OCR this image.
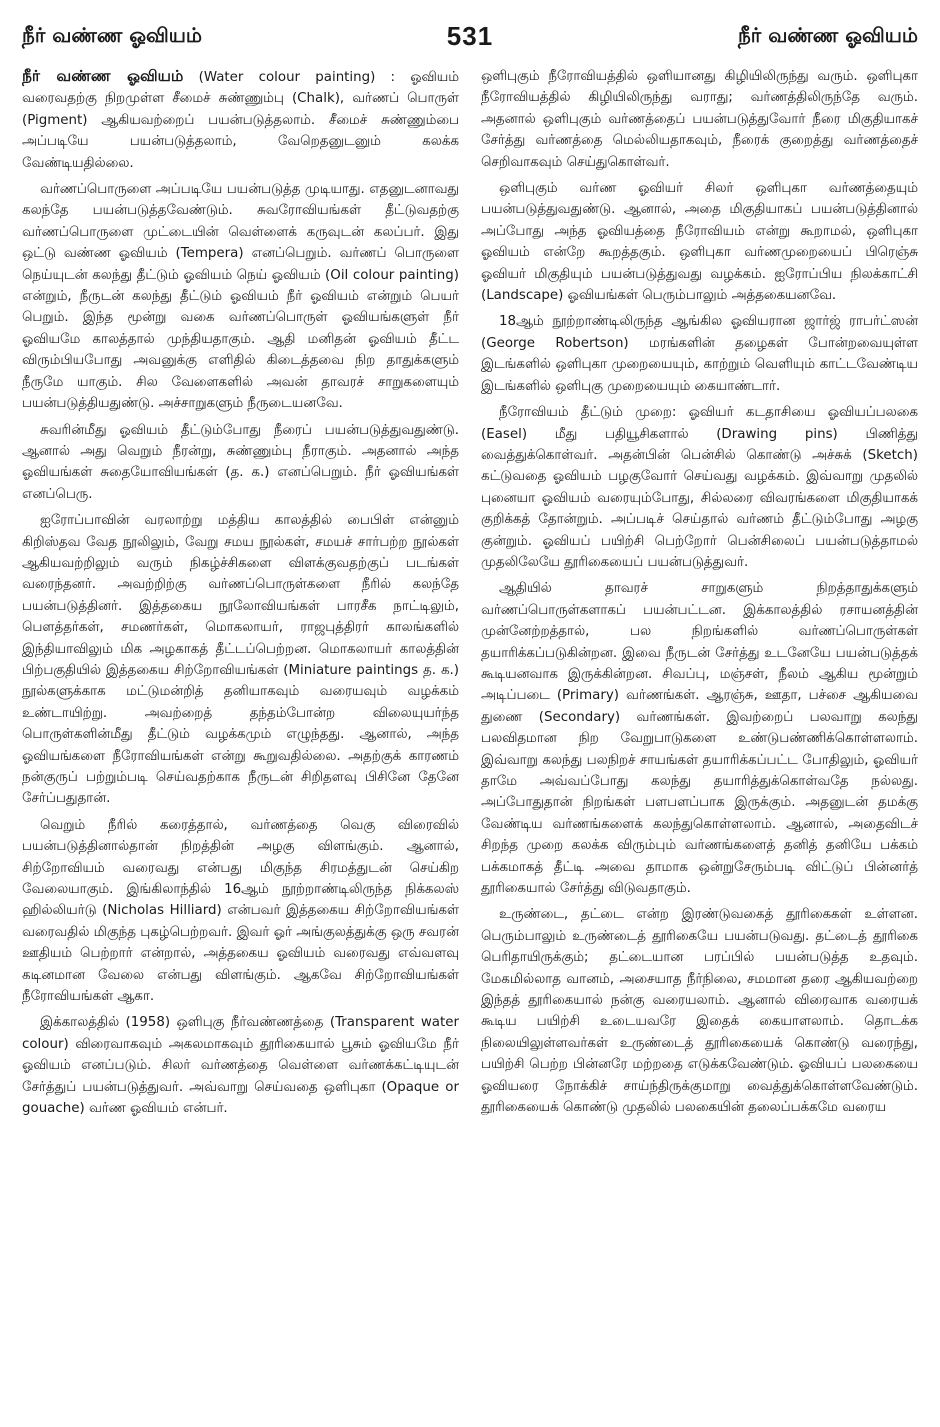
நீர் வண்ண ஓவியம்	531	நீர் வண்ண ஓவியம்

நீர் வண்ண ஓவியம் (Water colour painting) : ஓவியம் வரைவதற்கு நிறமுள்ள சீமைச் சுண்ணும்பு (Chalk), வர்ணப் பொருள் (Pigment) ஆகியவற்றைப் பயன்படுத்தலாம். சீமைச் சுண்ணும்பை அப்படியே பயன்படுத்தலாம், வேறெதனுடனும் கலக்க வேண்டியதில்லை.

வர்ணப்பொருளை அப்படியே பயன்படுத்த முடியாது. எதனுடனாவது கலந்தே பயன்படுத்தவேண்டும். சுவரோவியங்கள் தீட்டுவதற்கு வர்ணப்பொருளை முட்டையின் வெள்ளைக் கருவுடன் கலப்பர். இது ஒட்டு வண்ண ஓவியம் (Tempera) எனப்பெறும். வர்ணப் பொருளை நெய்யுடன் கலந்து தீட்டும் ஓவியம் நெய் ஓவியம் (Oil colour painting) என்றும், நீருடன் கலந்து தீட்டும் ஓவியம் நீர் ஓவியம் என்றும் பெயர் பெறும். இந்த மூன்று வகை வர்ணப்பொருள் ஓவியங்களுள் நீர் ஓவியமே காலத்தால் முந்தியதாகும். ஆதி மனிதன் ஓவியம் தீட்ட விரும்பியபோது அவனுக்கு எளிதில் கிடைத்தவை நிற தாதுக்களும் நீருமே யாகும். சில வேளைகளில் அவன் தாவரச் சாறுகளையும் பயன்படுத்தியதுண்டு. அச்சாறுகளும் நீருடையனவே.

சுவரின்மீது ஓவியம் தீட்டும்போது நீரைப் பயன்படுத்துவதுண்டு. ஆனால் அது வெறும் நீரன்று, சுண்ணும்பு நீராகும். அதனால் அந்த ஓவியங்கள் சுதையோவியங்கள் (த. க.) எனப்பெறும். நீர் ஓவியங்கள் எனப்பெரு.

ஐரோப்பாவின் வரலாற்று மத்திய காலத்தில் பைபிள் என்னும் கிறிஸ்தவ வேத நூலிலும், வேறு சமய நூல்கள், சமயச் சார்பற்ற நூல்கள் ஆகியவற்றிலும் வரும் நிகழ்ச்சிகளை விளக்குவதற்குப் படங்கள் வரைந்தனர். அவற்றிற்கு வர்ணப்பொருள்களை நீரில் கலந்தே பயன்படுத்தினர். இத்தகைய நூலோவியங்கள் பாரசீக நாட்டிலும், பௌத்தர்கள், சமணர்கள், மொகலாயர், ராஜபுத்திரர் காலங்களில் இந்தியாவிலும் மிக அழகாகத் தீட்டப்பெற்றன. மொகலாயர் காலத்தின் பிற்பகுதியில் இத்தகைய சிற்றோவியங்கள் (Miniature paintings த. க.) நூல்களுக்காக மட்டுமன்றித் தனியாகவும் வரையவும் வழக்கம் உண்டாயிற்று. அவற்றைத் தந்தம்போன்ற விலையுயர்ந்த பொருள்களின்மீது தீட்டும் வழக்கமும் எழுந்தது. ஆனால், அந்த ஓவியங்களை நீரோவியங்கள் என்று கூறுவதில்லை. அதற்குக் காரணம் நன்குருப் பற்றும்படி செய்வதற்காக நீருடன் சிறிதளவு பிசினே தேனே சேர்ப்பதுதான்.

வெறும் நீரில் கரைத்தால், வர்ணத்தை வெகு விரைவில் பயன்படுத்தினால்தான் நிறத்தின் அழகு விளங்கும். ஆனால், சிற்றோவியம் வரைவது என்பது மிகுந்த சிரமத்துடன் செய்கிற வேலையாகும். இங்கிலாந்தில் 16ஆம் நூற்றாண்டிலிருந்த நிக்கலஸ் ஹில்லியர்டு (Nicholas Hilliard) என்பவர் இத்தகைய சிற்றோவியங்கள் வரைவதில் மிகுந்த புகழ்பெற்றவர். இவர் ஓர் அங்குலத்துக்கு ஒரு சவரன் ஊதியம் பெற்றார் என்றால், அத்தகைய ஓவியம் வரைவது எவ்வளவு கடினமான வேலை என்பது விளங்கும். ஆகவே சிற்றோவியங்கள் நீரோவியங்கள் ஆகா.

இக்காலத்தில் (1958) ஒளிபுகு நீர்வண்ணத்தை (Transparent water colour) விரைவாகவும் அகலமாகவும் தூரிகையால் பூசும் ஓவியமே நீர் ஓவியம் எனப்படும். சிலர் வர்ணத்தை வெள்ளை வர்ணக்கட்டியுடன் சேர்த்துப் பயன்படுத்துவர். அவ்வாறு செய்வதை ஒளிபுகா (Opaque or gouache) வர்ண ஓவியம் என்பர்.

ஒளிபுகும் நீரோவியத்தில் ஒளியானது கிழியிலிருந்து வரும். ஒளிபுகா நீரோவியத்தில் கிழியிலிருந்து வராது; வர்ணத்திலிருந்தே வரும். அதனால் ஒளிபுகும் வர்ணத்தைப் பயன்படுத்துவோர் நீரை மிகுதியாகச் சேர்த்து வர்ணத்தை மெல்லியதாகவும், நீரைக் குறைத்து வர்ணத்தைச் செறிவாகவும் செய்துகொள்வர்.

ஒளிபுகும் வர்ண ஓவியர் சிலர் ஒளிபுகா வர்ணத்தையும் பயன்படுத்துவதுண்டு. ஆனால், அதை மிகுதியாகப் பயன்படுத்தினால் அப்போது அந்த ஓவியத்தை நீரோவியம் என்று கூறாமல், ஒளிபுகா ஓவியம் என்றே கூறத்தகும். ஒளிபுகா வர்ணமுறையைப் பிரெஞ்சு ஓவியர் மிகுதியும் பயன்படுத்துவது வழக்கம். ஐரோப்பிய நிலக்காட்சி (Landscape) ஓவியங்கள் பெரும்பாலும் அத்தகையனவே.

18ஆம் நூற்றாண்டிலிருந்த ஆங்கில ஓவியரான ஜார்ஜ் ராபர்ட்ஸன் (George Robertson) மரங்களின் தழைகள் போன்றவையுள்ள இடங்களில் ஒளிபுகா முறையையும், காற்றும் வெளியும் காட்டவேண்டிய இடங்களில் ஒளிபுகு முறையையும் கையாண்டார்.

நீரோவியம் தீட்டும் முறை: ஓவியர் கடதாசியை ஓவியப்பலகை (Easel) மீது பதியூசிகளால் (Drawing pins) பிணித்து வைத்துக்கொள்வர். அதன்பின் பென்சில் கொண்டு அச்சுக் (Sketch) கட்டுவதை ஓவியம் பழகுவோர் செய்வது வழக்கம். இவ்வாறு முதலில் புனையா ஓவியம் வரையும்போது, சில்லரை விவரங்களை மிகுதியாகக் குறிக்கத் தோன்றும். அப்படிச் செய்தால் வர்ணம் தீட்டும்போது அழகு குன்றும். ஓவியப் பயிற்சி பெற்றோர் பென்சிலைப் பயன்படுத்தாமல் முதலிலேயே தூரிகையைப் பயன்படுத்துவர்.

ஆதியில் தாவரச் சாறுகளும் நிறத்தாதுக்களும் வர்ணப்பொருள்களாகப் பயன்பட்டன. இக்காலத்தில் ரசாயனத்தின் முன்னேற்றத்தால், பல நிறங்களில் வர்ணப்பொருள்கள் தயாரிக்கப்படுகின்றன. இவை நீருடன் சேர்த்து உடனேயே பயன்படுத்தக் கூடியனவாக இருக்கின்றன. சிவப்பு, மஞ்சள், நீலம் ஆகிய மூன்றும் அடிப்படை (Primary) வர்ணங்கள். ஆரஞ்சு, ஊதா, பச்சை ஆகியவை துணை (Secondary) வர்ணங்கள். இவற்றைப் பலவாறு கலந்து பலவிதமான நிற வேறுபாடுகளை உண்டுபண்ணிக்கொள்ளலாம். இவ்வாறு கலந்து பலநிறச் சாயங்கள் தயாரிக்கப்பட்ட போதிலும், ஓவியர் தாமே அவ்வப்போது கலந்து தயாரித்துக்கொள்வதே நல்லது. அப்போதுதான் நிறங்கள் பளபளப்பாக இருக்கும். அதனுடன் தமக்கு வேண்டிய வர்ணங்களைக் கலந்துகொள்ளலாம். ஆனால், அதைவிடச் சிறந்த முறை கலக்க விரும்பும் வர்ணங்களைத் தனித் தனியே பக்கம் பக்கமாகத் தீட்டி அவை தாமாக ஒன்றுசேரும்படி விட்டுப் பின்னர்த் தூரிகையால் சேர்த்து விடுவதாகும்.

உருண்டை, தட்டை என்ற இரண்டுவகைத் தூரிகைகள் உள்ளன. பெரும்பாலும் உருண்டைத் தூரிகையே பயன்படுவது. தட்டைத் தூரிகை பெரிதாயிருக்கும்; தட்டையான பரப்பில் பயன்படுத்த உதவும். மேகமில்லாத வானம், அசையாத நீர்நிலை, சமமான தரை ஆகியவற்றை இந்தத் தூரிகையால் நன்கு வரையலாம். ஆனால் விரைவாக வரையக் கூடிய பயிற்சி உடையவரே இதைக் கையாளலாம். தொடக்க நிலையிலுள்ளவர்கள் உருண்டைத் தூரிகையைக் கொண்டு வரைந்து, பயிற்சி பெற்ற பின்னரே மற்றதை எடுக்கவேண்டும். ஓவியப் பலகையை ஓவியரை நோக்கிச் சாய்ந்திருக்குமாறு வைத்துக்கொள்ளவேண்டும். தூரிகையைக் கொண்டு முதலில் பலகையின் தலைப்பக்கமே வரைய
